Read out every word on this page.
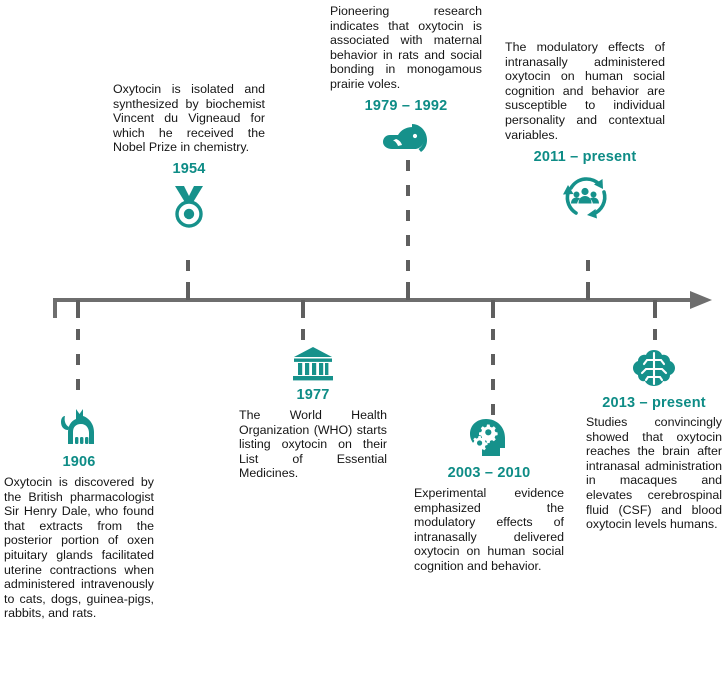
1906
Oxytocin is discovered by the British pharmacologist Sir Henry Dale, who found that extracts from the posterior portion of oxen pituitary glands facilitated uterine contractions when administered intravenously to cats, dogs, guinea-pigs, rabbits, and rats.
Oxytocin is isolated and synthesized by biochemist Vincent du Vigneaud for which he received the Nobel Prize in chemistry.
1954
1977
The World Health Organization (WHO) starts listing oxytocin on their List of Essential Medicines.
Pioneering research indicates that oxytocin is associated with maternal behavior in rats and social bonding in monogamous prairie voles.
1979 – 1992
2003 – 2010
Experimental evidence emphasized the modulatory effects of intranasally delivered oxytocin on human social cognition and behavior.
The modulatory effects of intranasally administered oxytocin on human social cognition and behavior are susceptible to individual personality and contextual variables.
2011 – present
2013 – present
Studies convincingly showed that oxytocin reaches the brain after intranasal administration in macaques and elevates cerebrospinal fluid (CSF) and blood oxytocin levels humans.
